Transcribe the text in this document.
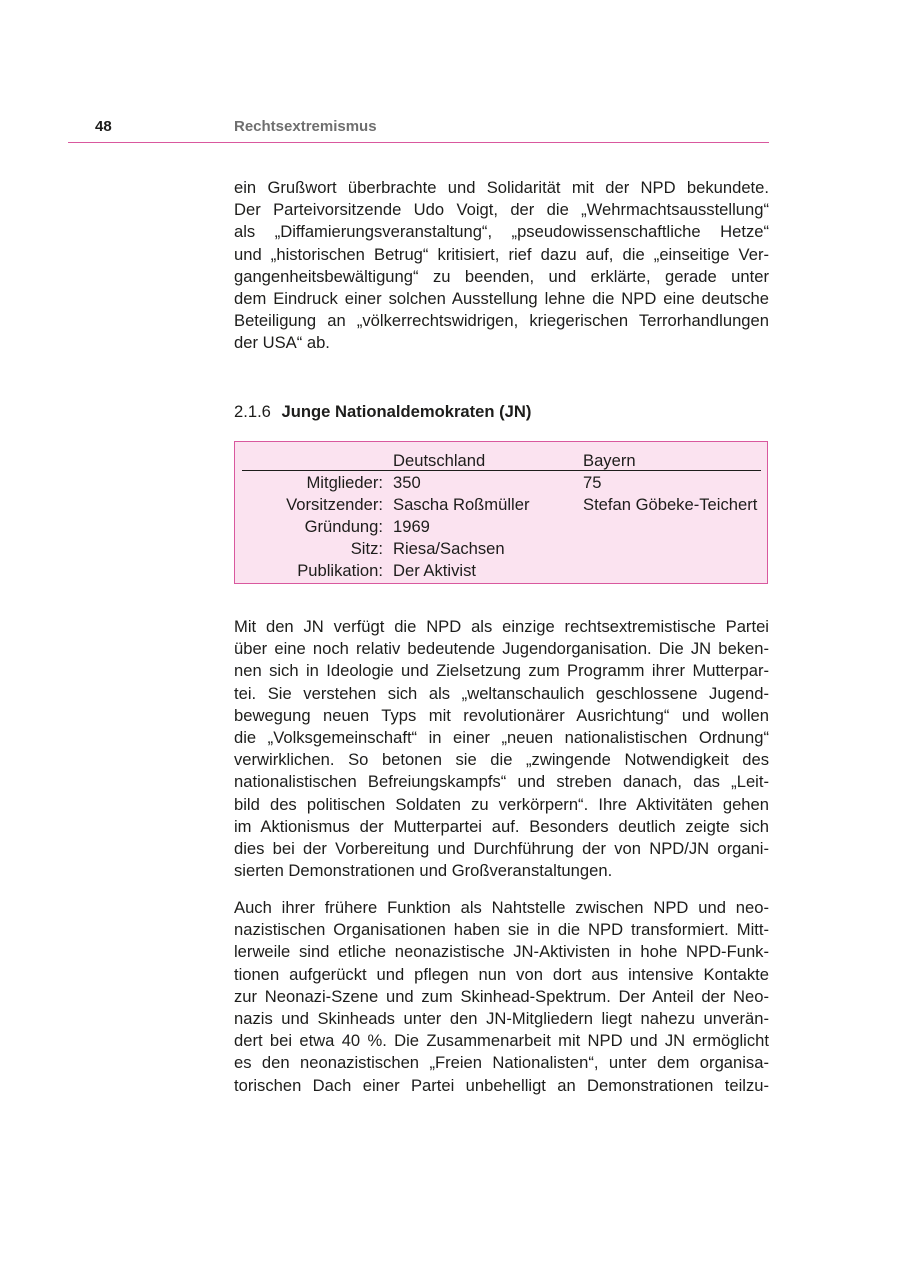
48	Rechtsextremismus
ein Grußwort überbrachte und Solidarität mit der NPD bekundete.
Der Parteivorsitzende Udo Voigt, der die „Wehrmachtsausstellung“
als „Diffamierungsveranstaltung“, „pseudowissenschaftliche Hetze“
und „historischen Betrug“ kritisiert, rief dazu auf, die „einseitige Ver-
gangenheitsbewältigung“ zu beenden, und erklärte, gerade unter
dem Eindruck einer solchen Ausstellung lehne die NPD eine deutsche
Beteiligung an „völkerrechtswidrigen, kriegerischen Terrorhandlungen
der USA“ ab.
2.1.6 Junge Nationaldemokraten (JN)
Deutschland	Bayern
Mitglieder: 350	75
Vorsitzender: Sascha Roßmüller	Stefan Göbeke-Teichert
Gründung: 1969
Sitz: Riesa/Sachsen
Publikation: Der Aktivist
Mit den JN verfügt die NPD als einzige rechtsextremistische Partei
über eine noch relativ bedeutende Jugendorganisation. Die JN beken-
nen sich in Ideologie und Zielsetzung zum Programm ihrer Mutterpar-
tei. Sie verstehen sich als „weltanschaulich geschlossene Jugend-
bewegung neuen Typs mit revolutionärer Ausrichtung“ und wollen
die „Volksgemeinschaft“ in einer „neuen nationalistischen Ordnung“
verwirklichen. So betonen sie die „zwingende Notwendigkeit des
nationalistischen Befreiungskampfs“ und streben danach, das „Leit-
bild des politischen Soldaten zu verkörpern“. Ihre Aktivitäten gehen
im Aktionismus der Mutterpartei auf. Besonders deutlich zeigte sich
dies bei der Vorbereitung und Durchführung der von NPD/JN organi-
sierten Demonstrationen und Großveranstaltungen.
Auch ihrer frühere Funktion als Nahtstelle zwischen NPD und neo-
nazistischen Organisationen haben sie in die NPD transformiert. Mitt-
lerweile sind etliche neonazistische JN-Aktivisten in hohe NPD-Funk-
tionen aufgerückt und pflegen nun von dort aus intensive Kontakte
zur Neonazi-Szene und zum Skinhead-Spektrum. Der Anteil der Neo-
nazis und Skinheads unter den JN-Mitgliedern liegt nahezu unverän-
dert bei etwa 40 %. Die Zusammenarbeit mit NPD und JN ermöglicht
es den neonazistischen „Freien Nationalisten“, unter dem organisa-
torischen Dach einer Partei unbehelligt an Demonstrationen teilzu-
